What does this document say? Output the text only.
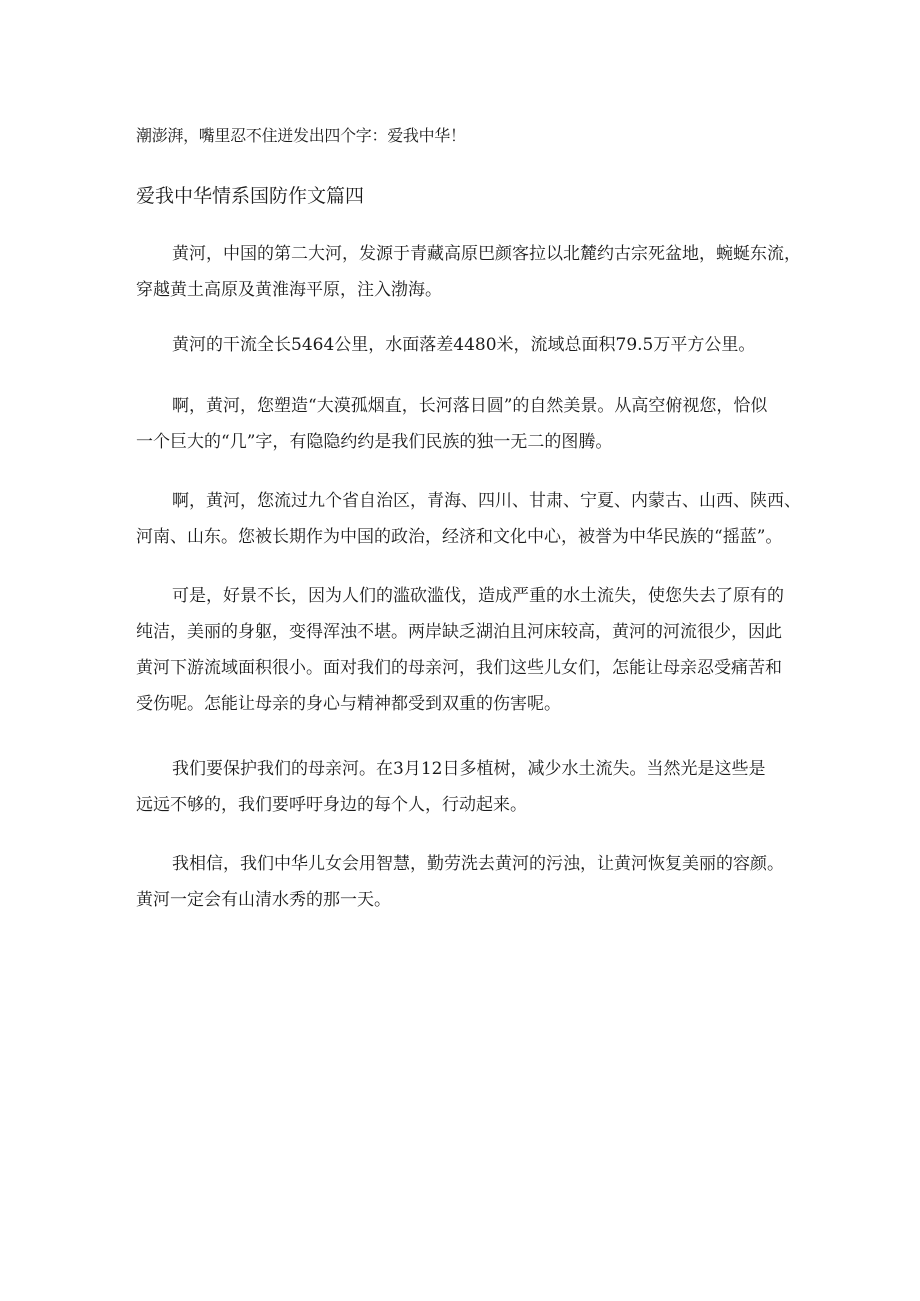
潮澎湃，嘴里忍不住迸发出四个字：爱我中华！
爱我中华情系国防作文篇四
黄河，中国的第二大河，发源于青藏高原巴颜客拉以北麓约古宗死盆地，蜿蜒东流，
穿越黄土高原及黄淮海平原，注入渤海。
黄河的干流全长5464公里，水面落差4480米，流域总面积79.5万平方公里。
啊，黄河，您塑造“大漠孤烟直，长河落日圆”的自然美景。从高空俯视您，恰似
一个巨大的“几”字，有隐隐约约是我们民族的独一无二的图腾。
啊，黄河，您流过九个省自治区，青海、四川、甘肃、宁夏、内蒙古、山西、陕西、
河南、山东。您被长期作为中国的政治，经济和文化中心，被誉为中华民族的“摇蓝”。
可是，好景不长，因为人们的滥砍滥伐，造成严重的水土流失，使您失去了原有的
纯洁，美丽的身躯，变得浑浊不堪。两岸缺乏湖泊且河床较高，黄河的河流很少，因此
黄河下游流域面积很小。面对我们的母亲河，我们这些儿女们，怎能让母亲忍受痛苦和
受伤呢。怎能让母亲的身心与精神都受到双重的伤害呢。
我们要保护我们的母亲河。在3月12日多植树，减少水土流失。当然光是这些是
远远不够的，我们要呼吁身边的每个人，行动起来。
我相信，我们中华儿女会用智慧，勤劳洗去黄河的污浊，让黄河恢复美丽的容颜。
黄河一定会有山清水秀的那一天。
